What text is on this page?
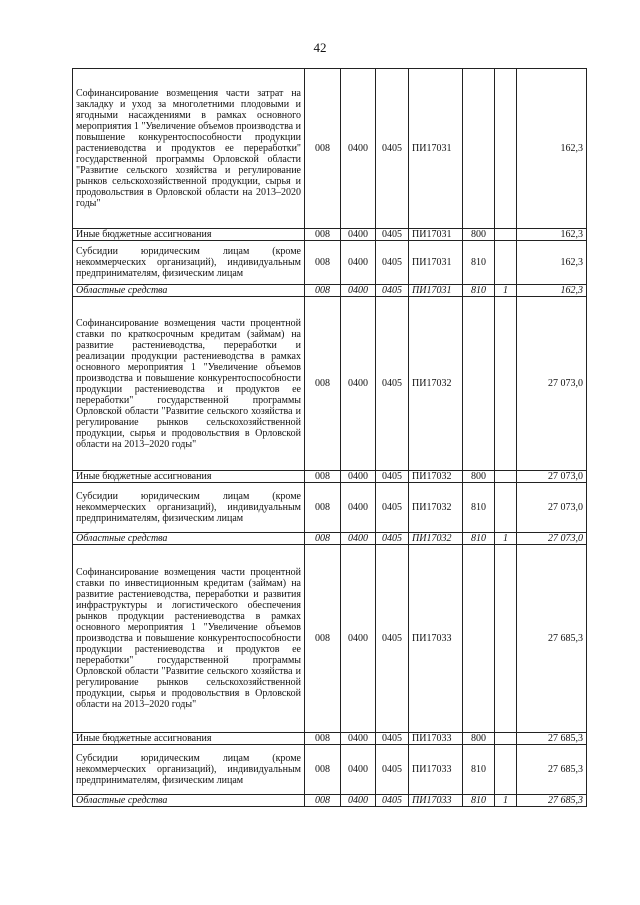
42
Софинансирование возмещения части затрат на закладку и уход за многолетними плодовыми и ягодными насаждениями в рамках основного мероприятия 1 "Увеличение объемов производства и повышение конкурентоспособности продукции растениеводства и продуктов ее переработки" государственной программы Орловской области "Развитие сельского хозяйства и регулирование рынков сельскохозяйственной продукции, сырья и продовольствия в Орловской области на 2013–2020 годы"	008	0400	0405	ПИ17031			162,3
Иные бюджетные ассигнования	008	0400	0405	ПИ17031	800		162,3
Субсидии юридическим лицам (кроме некоммерческих организаций), индивидуальным предпринимателям, физическим лицам	008	0400	0405	ПИ17031	810		162,3
Областные средства	008	0400	0405	ПИ17031	810	1	162,3
Софинансирование возмещения части процентной ставки по краткосрочным кредитам (займам) на развитие растениеводства, переработки и реализации продукции растениеводства в рамках основного мероприятия 1 "Увеличение объемов производства и повышение конкурентоспособности продукции растениеводства и продуктов ее переработки" государственной программы Орловской области "Развитие сельского хозяйства и регулирование рынков сельскохозяйственной продукции, сырья и продовольствия в Орловской области на 2013–2020 годы"	008	0400	0405	ПИ17032			27 073,0
Иные бюджетные ассигнования	008	0400	0405	ПИ17032	800		27 073,0
Субсидии юридическим лицам (кроме некоммерческих организаций), индивидуальным предпринимателям, физическим лицам	008	0400	0405	ПИ17032	810		27 073,0
Областные средства	008	0400	0405	ПИ17032	810	1	27 073,0
Софинансирование возмещения части процентной ставки по инвестиционным кредитам (займам) на развитие растениеводства, переработки и развития инфраструктуры и логистического обеспечения рынков продукции растениеводства в рамках основного мероприятия 1 "Увеличение объемов производства и повышение конкурентоспособности продукции растениеводства и продуктов ее переработки" государственной программы Орловской области "Развитие сельского хозяйства и регулирование рынков сельскохозяйственной продукции, сырья и продовольствия в Орловской области на 2013–2020 годы"	008	0400	0405	ПИ17033			27 685,3
Иные бюджетные ассигнования	008	0400	0405	ПИ17033	800		27 685,3
Субсидии юридическим лицам (кроме некоммерческих организаций), индивидуальным предпринимателям, физическим лицам	008	0400	0405	ПИ17033	810		27 685,3
Областные средства	008	0400	0405	ПИ17033	810	1	27 685,3
